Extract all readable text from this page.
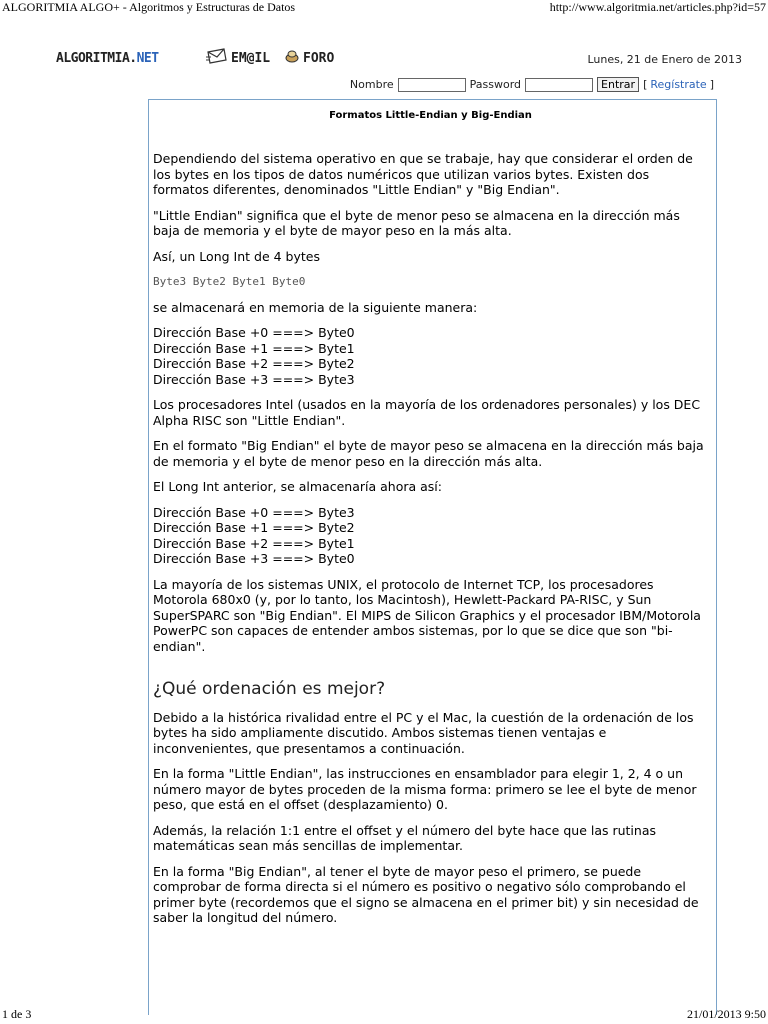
ALGORITMIA ALGO+ - Algoritmos y Estructuras de Datos	http://www.algoritmia.net/articles.php?id=57
ALGORITMIA.NET	EM@IL	FORO	Lunes, 21 de Enero de 2013
Nombre	Password	Entrar [ Regístrate ]
Formatos Little-Endian y Big-Endian

Dependiendo del sistema operativo en que se trabaje, hay que considerar el orden de los bytes en los tipos de datos numéricos que utilizan varios bytes. Existen dos formatos diferentes, denominados "Little Endian" y "Big Endian".

"Little Endian" significa que el byte de menor peso se almacena en la dirección más baja de memoria y el byte de mayor peso en la más alta.

Así, un Long Int de 4 bytes

Byte3 Byte2 Byte1 Byte0

se almacenará en memoria de la siguiente manera:

Dirección Base +0 ===> Byte0
Dirección Base +1 ===> Byte1
Dirección Base +2 ===> Byte2
Dirección Base +3 ===> Byte3

Los procesadores Intel (usados en la mayoría de los ordenadores personales) y los DEC Alpha RISC son "Little Endian".

En el formato "Big Endian" el byte de mayor peso se almacena en la dirección más baja de memoria y el byte de menor peso en la dirección más alta.

El Long Int anterior, se almacenaría ahora así:

Dirección Base +0 ===> Byte3
Dirección Base +1 ===> Byte2
Dirección Base +2 ===> Byte1
Dirección Base +3 ===> Byte0

La mayoría de los sistemas UNIX, el protocolo de Internet TCP, los procesadores Motorola 680x0 (y, por lo tanto, los Macintosh), Hewlett-Packard PA-RISC, y Sun SuperSPARC son "Big Endian". El MIPS de Silicon Graphics y el procesador IBM/Motorola PowerPC son capaces de entender ambos sistemas, por lo que se dice que son "bi-endian".

¿Qué ordenación es mejor?

Debido a la histórica rivalidad entre el PC y el Mac, la cuestión de la ordenación de los bytes ha sido ampliamente discutido. Ambos sistemas tienen ventajas e inconvenientes, que presentamos a continuación.

En la forma "Little Endian", las instrucciones en ensamblador para elegir 1, 2, 4 o un número mayor de bytes proceden de la misma forma: primero se lee el byte de menor peso, que está en el offset (desplazamiento) 0.

Además, la relación 1:1 entre el offset y el número del byte hace que las rutinas matemáticas sean más sencillas de implementar.

En la forma "Big Endian", al tener el byte de mayor peso el primero, se puede comprobar de forma directa si el número es positivo o negativo sólo comprobando el primer byte (recordemos que el signo se almacena en el primer bit) y sin necesidad de saber la longitud del número.

1 de 3	21/01/2013 9:50
